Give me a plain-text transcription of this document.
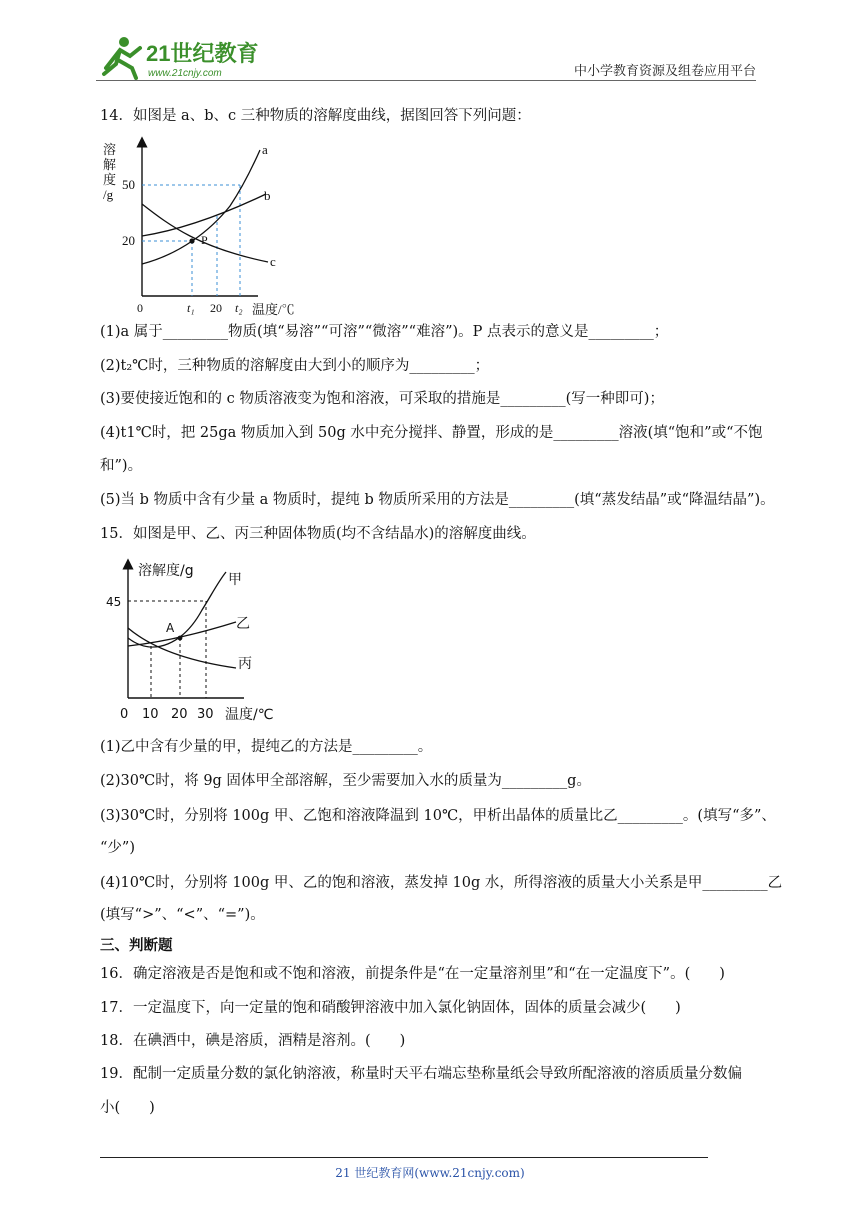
21世纪教育
www.21cnjy.com	中小学教育资源及组卷应用平台
14．如图是 a、b、c 三种物质的溶解度曲线，据图回答下列问题：
溶
解
度
/g
50
20
0	t₁ 20 t₂ 温度/℃
a
b
c
P
(1)a 属于_________物质(填“易溶”“可溶”“微溶”“难溶”)。P 点表示的意义是_________；
(2)t₂℃时，三种物质的溶解度由大到小的顺序为_________；
(3)要使接近饱和的 c 物质溶液变为饱和溶液，可采取的措施是_________(写一种即可)；
(4)t1℃时，把 25ga 物质加入到 50g 水中充分搅拌、静置，形成的是_________溶液(填“饱和”或“不饱
和”)。
(5)当 b 物质中含有少量 a 物质时，提纯 b 物质所采用的方法是_________(填“蒸发结晶”或“降温结晶”)。
15．如图是甲、乙、丙三种固体物质(均不含结晶水)的溶解度曲线。
溶解度/g
45
0 10 20 30 温度/℃
甲
乙
丙
A
(1)乙中含有少量的甲，提纯乙的方法是_________。
(2)30℃时，将 9g 固体甲全部溶解，至少需要加入水的质量为_________g。
(3)30℃时，分别将 100g 甲、乙饱和溶液降温到 10℃，甲析出晶体的质量比乙_________。(填写“多”、
“少”)
(4)10℃时，分别将 100g 甲、乙的饱和溶液，蒸发掉 10g 水，所得溶液的质量大小关系是甲_________乙
(填写“>”、“<”、“=”)。
三、判断题
16．确定溶液是否是饱和或不饱和溶液，前提条件是“在一定量溶剂里”和“在一定温度下”。(　　)
17．一定温度下，向一定量的饱和硝酸钾溶液中加入氯化钠固体，固体的质量会减少(　　)
18．在碘酒中，碘是溶质，酒精是溶剂。(　　)
19．配制一定质量分数的氯化钠溶液，称量时天平右端忘垫称量纸会导致所配溶液的溶质质量分数偏
小(　　)
21 世纪教育网(www.21cnjy.com)
